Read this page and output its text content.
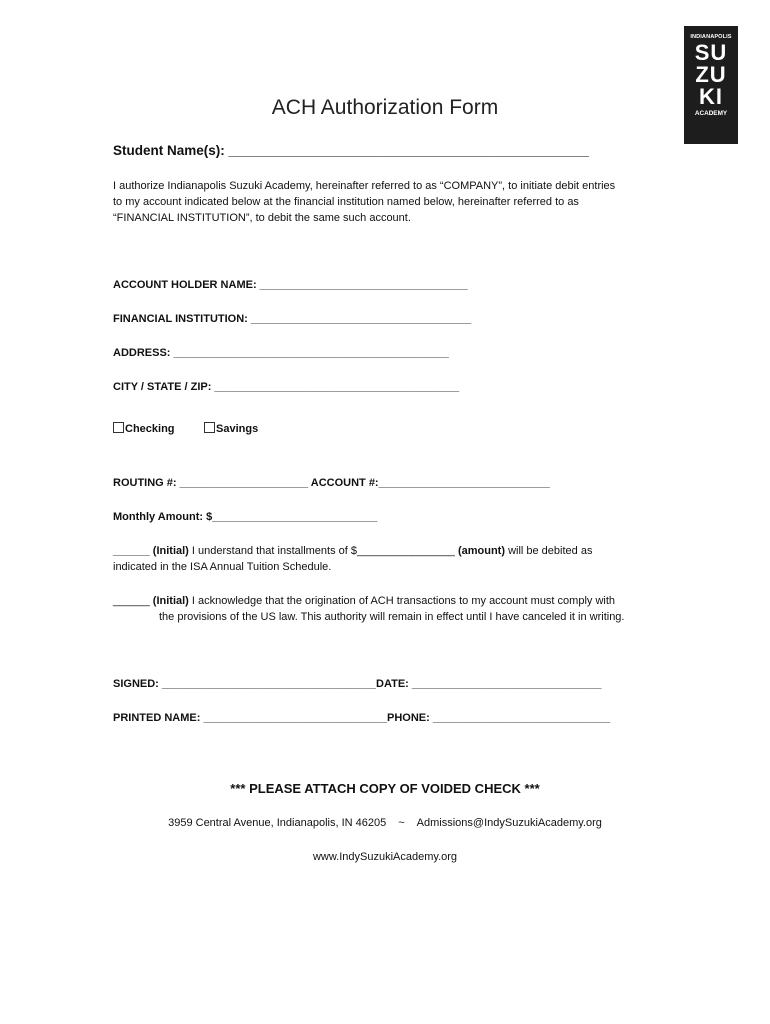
INDIANAPOLIS
SU
ZU
KI
ACADEMY
ACH Authorization Form
Student Name(s): ________________________________________________
I authorize Indianapolis Suzuki Academy, hereinafter referred to as “COMPANY”, to initiate debit entries
to my account indicated below at the financial institution named below, hereinafter referred to as
“FINANCIAL INSTITUTION”, to debit the same such account.
ACCOUNT HOLDER NAME: __________________________________
FINANCIAL INSTITUTION: ____________________________________
ADDRESS: _____________________________________________
CITY / STATE / ZIP: ________________________________________
Checking	Savings
ROUTING #: _____________________ ACCOUNT #:____________________________
Monthly Amount: $___________________________
______ (Initial) I understand that installments of $________________ (amount) will be debited as
indicated in the ISA Annual Tuition Schedule.
______ (Initial) I acknowledge that the origination of ACH transactions to my account must comply with
the provisions of the US law. This authority will remain in effect until I have canceled it in writing.
SIGNED: ___________________________________DATE: _______________________________
PRINTED NAME: ______________________________PHONE: _____________________________
*** PLEASE ATTACH COPY OF VOIDED CHECK ***
3959 Central Avenue, Indianapolis, IN 46205 ~ Admissions@IndySuzukiAcademy.org
www.IndySuzukiAcademy.org
